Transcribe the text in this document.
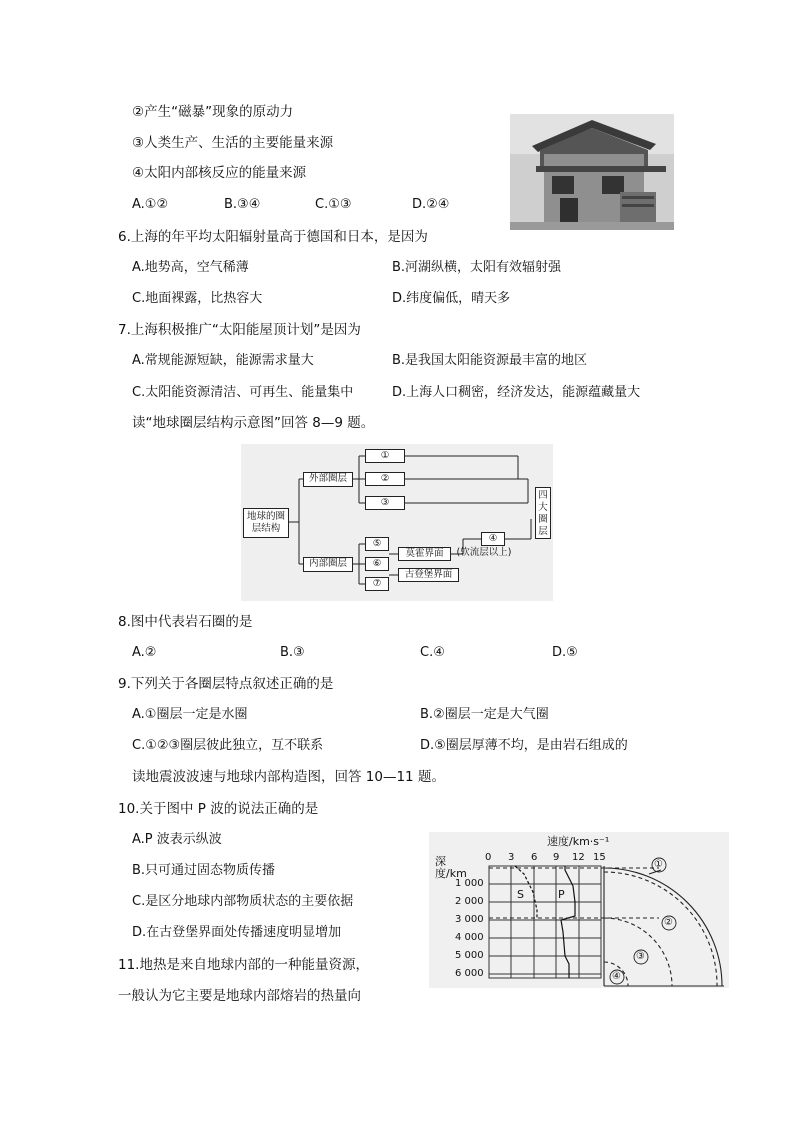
②产生“磁暴”现象的原动力
③人类生产、生活的主要能量来源
④太阳内部核反应的能量来源
A.①②	B.③④	C.①③	D.②④
6.上海的年平均太阳辐射量高于德国和日本，是因为
A.地势高，空气稀薄	B.河湖纵横，太阳有效辐射强
C.地面裸露，比热容大	D.纬度偏低，晴天多
7.上海积极推广“太阳能屋顶计划”是因为
A.常规能源短缺，能源需求量大	B.是我国太阳能资源最丰富的地区
C.太阳能资源清洁、可再生、能量集中	D.上海人口稠密，经济发达，能源蕴藏量大
读“地球圈层结构示意图”回答 8—9 题。
地球的圈层结构
外部圈层
内部圈层
①
②
③
⑤
⑥
⑦
莫霍界面
古登堡界面
④
(软流层以上)
四大圈层
8.图中代表岩石圈的是
A.②	B.③	C.④	D.⑤
9.下列关于各圈层特点叙述正确的是
A.①圈层一定是水圈	B.②圈层一定是大气圈
C.①②③圈层彼此独立，互不联系	D.⑤圈层厚薄不均，是由岩石组成的
读地震波波速与地球内部构造图，回答 10—11 题。
10.关于图中 P 波的说法正确的是
A.P 波表示纵波
B.只可通过固态物质传播
C.是区分地球内部物质状态的主要依据
D.在古登堡界面处传播速度明显增加
11.地热是来自地球内部的一种能量资源，
一般认为它主要是地球内部熔岩的热量向
速度/km·s⁻¹
深度/km
0 3 6 9 12 15
1 000
2 000
3 000
4 000
5 000
6 000
S	P
①
②
③
④
